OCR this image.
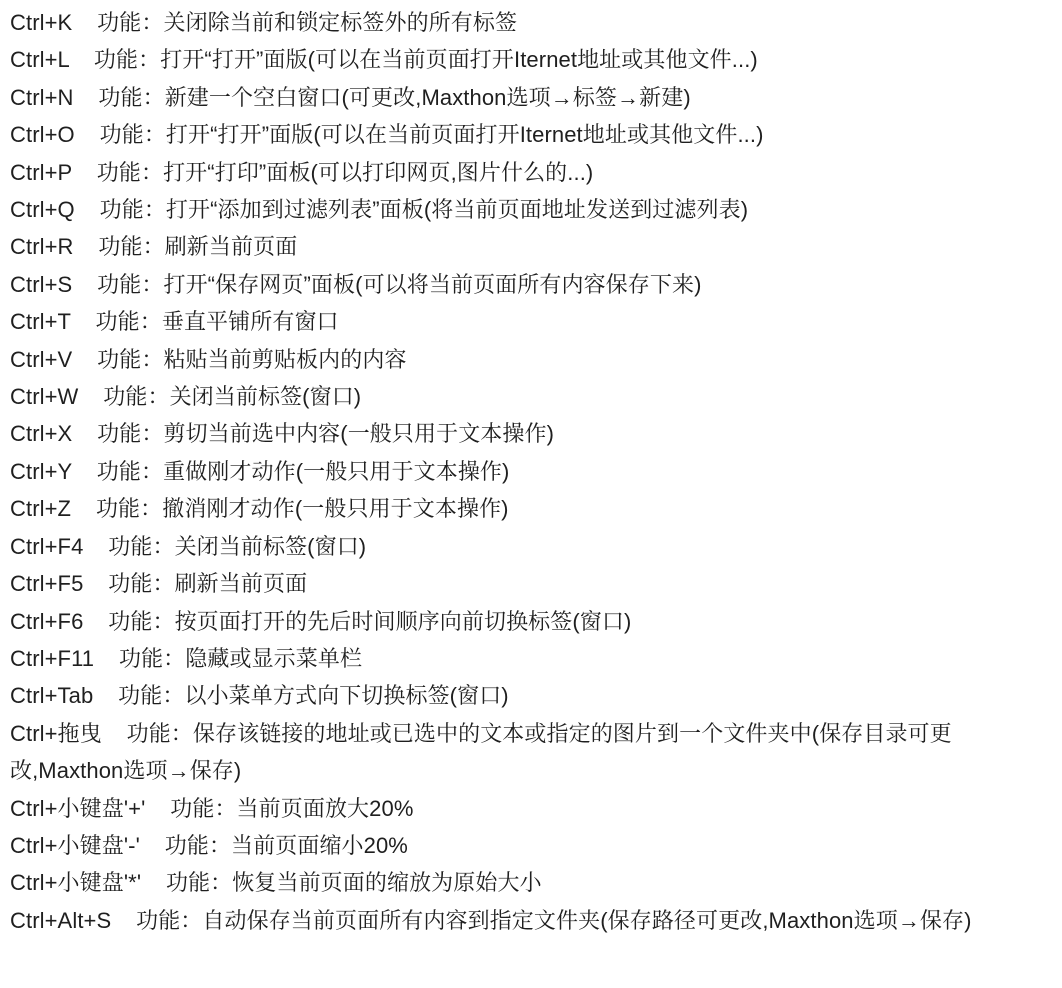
Ctrl+K    功能：关闭除当前和锁定标签外的所有标签
Ctrl+L    功能：打开“打开”面版(可以在当前页面打开Iternet地址或其他文件...)
Ctrl+N    功能：新建一个空白窗口(可更改,Maxthon选项→标签→新建)
Ctrl+O    功能：打开“打开”面版(可以在当前页面打开Iternet地址或其他文件...)
Ctrl+P    功能：打开“打印”面板(可以打印网页,图片什么的...)
Ctrl+Q    功能：打开“添加到过滤列表”面板(将当前页面地址发送到过滤列表)
Ctrl+R    功能：刷新当前页面
Ctrl+S    功能：打开“保存网页”面板(可以将当前页面所有内容保存下来)
Ctrl+T    功能：垂直平铺所有窗口
Ctrl+V    功能：粘贴当前剪贴板内的内容
Ctrl+W    功能：关闭当前标签(窗口)
Ctrl+X    功能：剪切当前选中内容(一般只用于文本操作)
Ctrl+Y    功能：重做刚才动作(一般只用于文本操作)
Ctrl+Z    功能：撤消刚才动作(一般只用于文本操作)
Ctrl+F4    功能：关闭当前标签(窗口)
Ctrl+F5    功能：刷新当前页面
Ctrl+F6    功能：按页面打开的先后时间顺序向前切换标签(窗口)
Ctrl+F11    功能：隐藏或显示菜单栏
Ctrl+Tab    功能：以小菜单方式向下切换标签(窗口)
Ctrl+拖曳    功能：保存该链接的地址或已选中的文本或指定的图片到一个文件夹中(保存目录可更改,Maxthon选项→保存)
Ctrl+小键盘'+'    功能：当前页面放大20%
Ctrl+小键盘'-'    功能：当前页面缩小20%
Ctrl+小键盘'*'    功能：恢复当前页面的缩放为原始大小
Ctrl+Alt+S    功能：自动保存当前页面所有内容到指定文件夹(保存路径可更改,Maxthon选项→保存)
